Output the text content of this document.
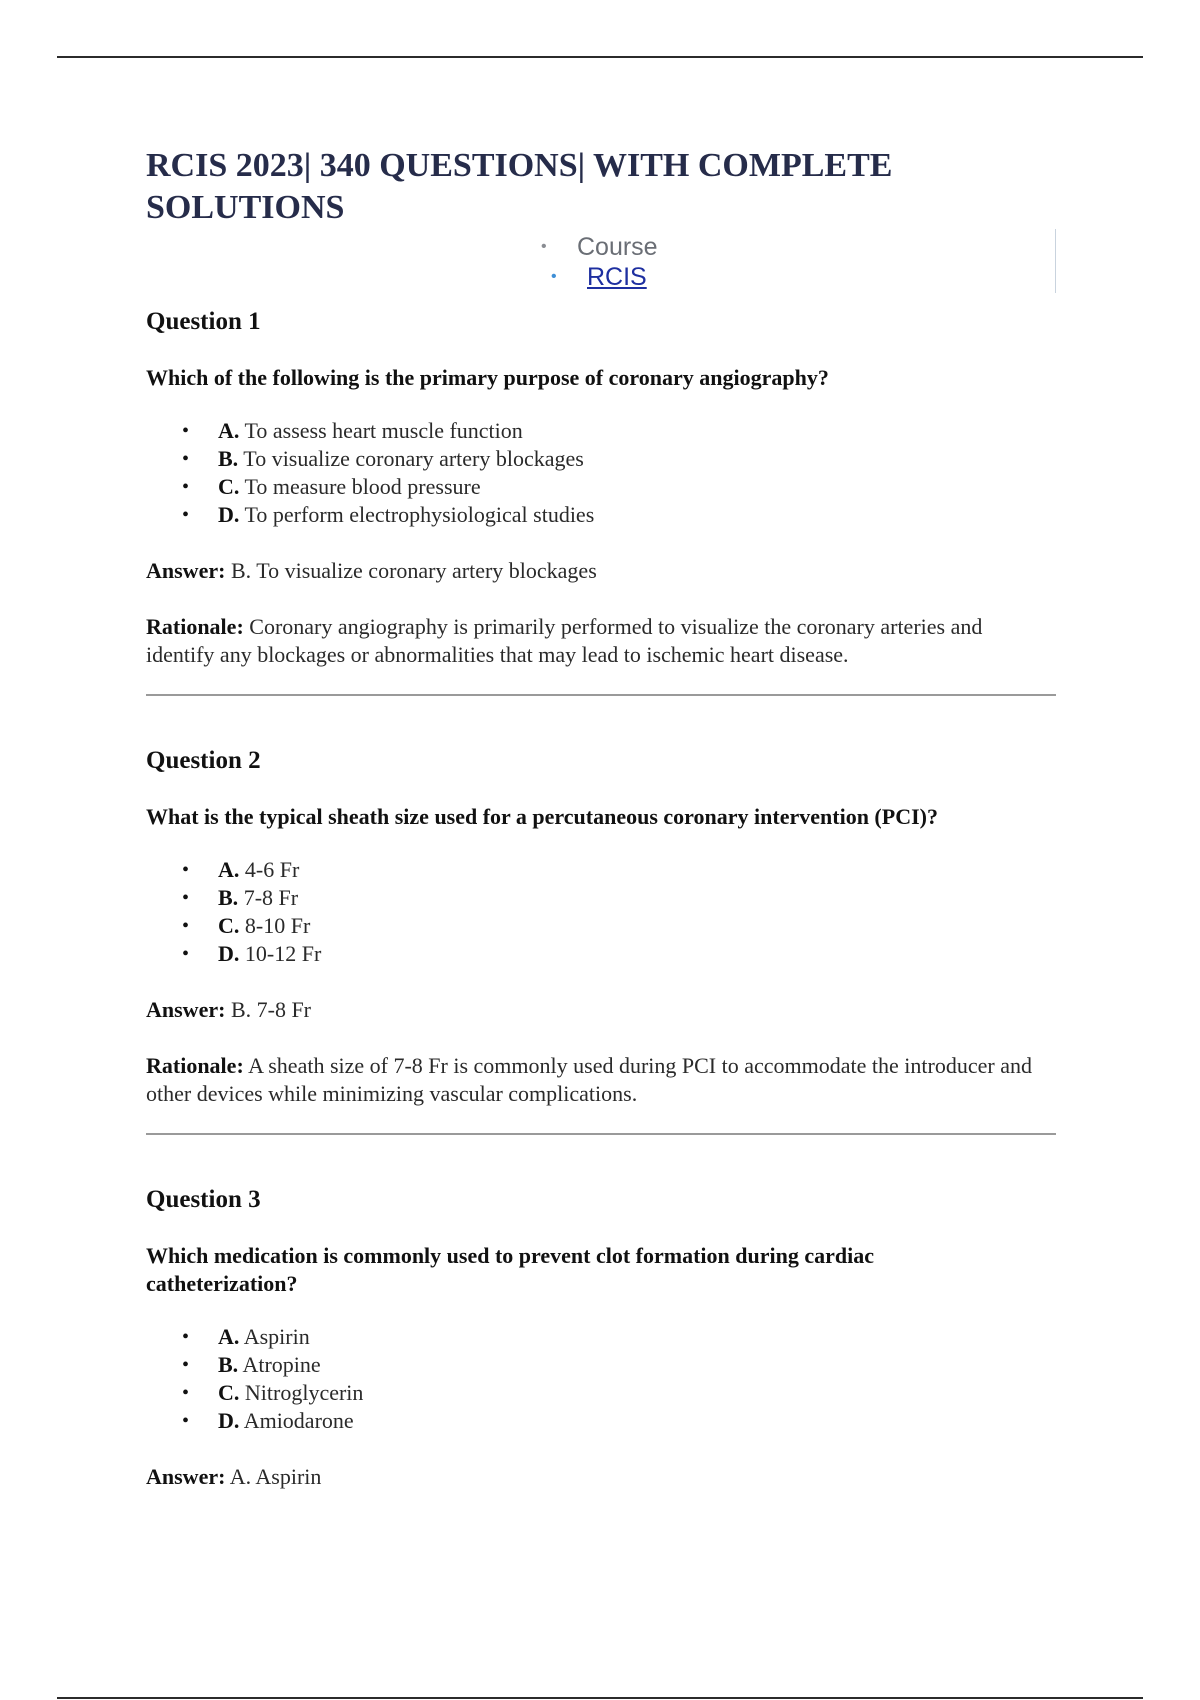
RCIS 2023| 340 QUESTIONS| WITH COMPLETE SOLUTIONS
• Course
• RCIS
Question 1

Which of the following is the primary purpose of coronary angiography?

• A. To assess heart muscle function
• B. To visualize coronary artery blockages
• C. To measure blood pressure
• D. To perform electrophysiological studies

Answer: B. To visualize coronary artery blockages

Rationale: Coronary angiography is primarily performed to visualize the coronary arteries and identify any blockages or abnormalities that may lead to ischemic heart disease.

Question 2

What is the typical sheath size used for a percutaneous coronary intervention (PCI)?

• A. 4-6 Fr
• B. 7-8 Fr
• C. 8-10 Fr
• D. 10-12 Fr

Answer: B. 7-8 Fr

Rationale: A sheath size of 7-8 Fr is commonly used during PCI to accommodate the introducer and other devices while minimizing vascular complications.

Question 3

Which medication is commonly used to prevent clot formation during cardiac catheterization?

• A. Aspirin
• B. Atropine
• C. Nitroglycerin
• D. Amiodarone

Answer: A. Aspirin
